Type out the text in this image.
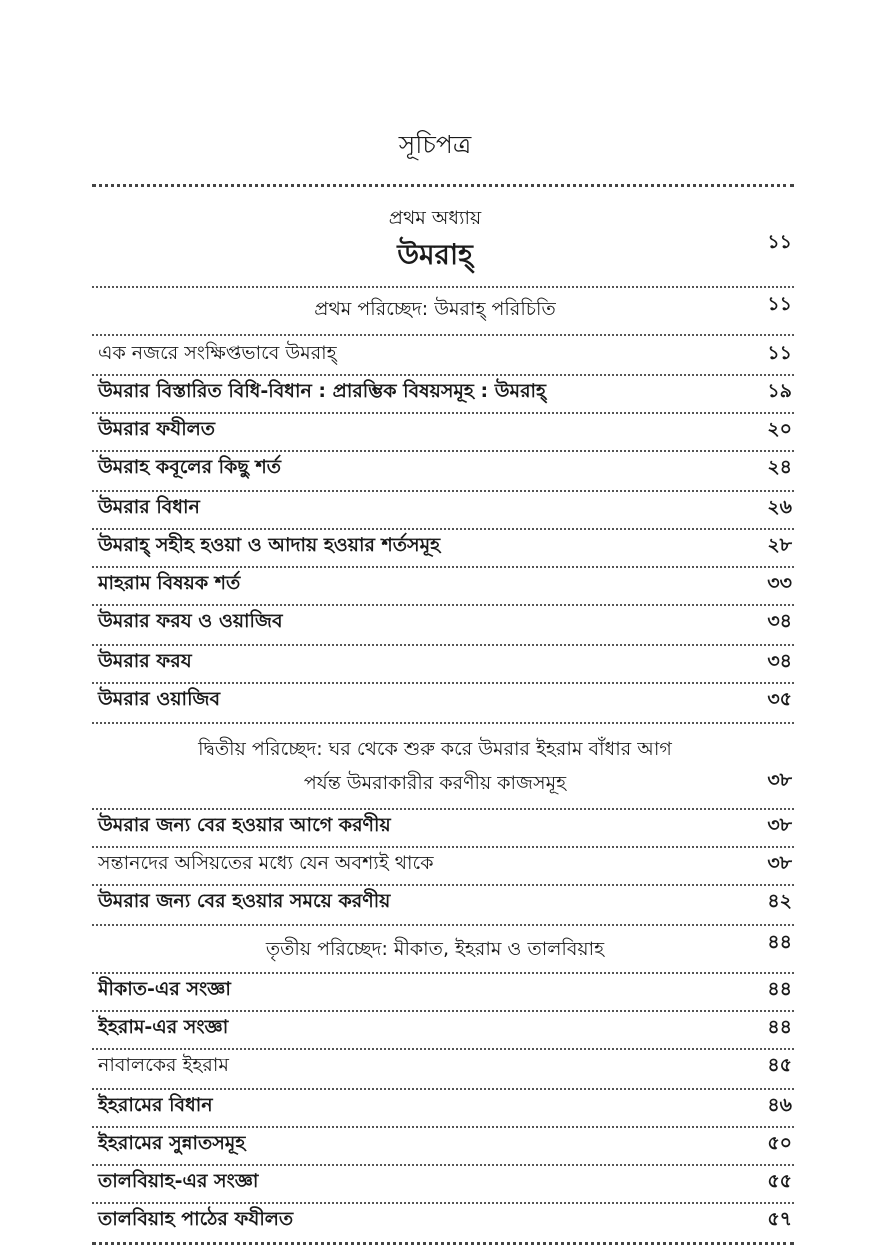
সূচিপত্র
প্রথম অধ্যায়
উমরাহ্	১১
প্রথম পরিচ্ছেদ: উমরাহ্ পরিচিতি	১১
এক নজরে সংক্ষিপ্তভাবে উমরাহ্	১১
উমরার বিস্তারিত বিধি-বিধান : প্রারম্ভিক বিষয়সমূহ : উমরাহ্	১৯
উমরার ফযীলত	২০
উমরাহ কবূলের কিছু শর্ত	২৪
উমরার বিধান	২৬
উমরাহ্ সহীহ হওয়া ও আদায় হওয়ার শর্তসমূহ	২৮
মাহরাম বিষয়ক শর্ত	৩৩
উমরার ফরয ও ওয়াজিব	৩৪
উমরার ফরয	৩৪
উমরার ওয়াজিব	৩৫
দ্বিতীয় পরিচ্ছেদ: ঘর থেকে শুরু করে উমরার ইহরাম বাঁধার আগ
পর্যন্ত উমরাকারীর করণীয় কাজসমূহ	৩৮
উমরার জন্য বের হওয়ার আগে করণীয়	৩৮
সন্তানদের অসিয়তের মধ্যে যেন অবশ্যই থাকে	৩৮
উমরার জন্য বের হওয়ার সময়ে করণীয়	৪২
তৃতীয় পরিচ্ছেদ: মীকাত, ইহরাম ও তালবিয়াহ	৪৪
মীকাত-এর সংজ্ঞা	৪৪
ইহরাম-এর সংজ্ঞা	৪৪
নাবালকের ইহরাম	৪৫
ইহরামের বিধান	৪৬
ইহরামের সুন্নাতসমূহ	৫০
তালবিয়াহ-এর সংজ্ঞা	৫৫
তালবিয়াহ পাঠের ফযীলত	৫৭
